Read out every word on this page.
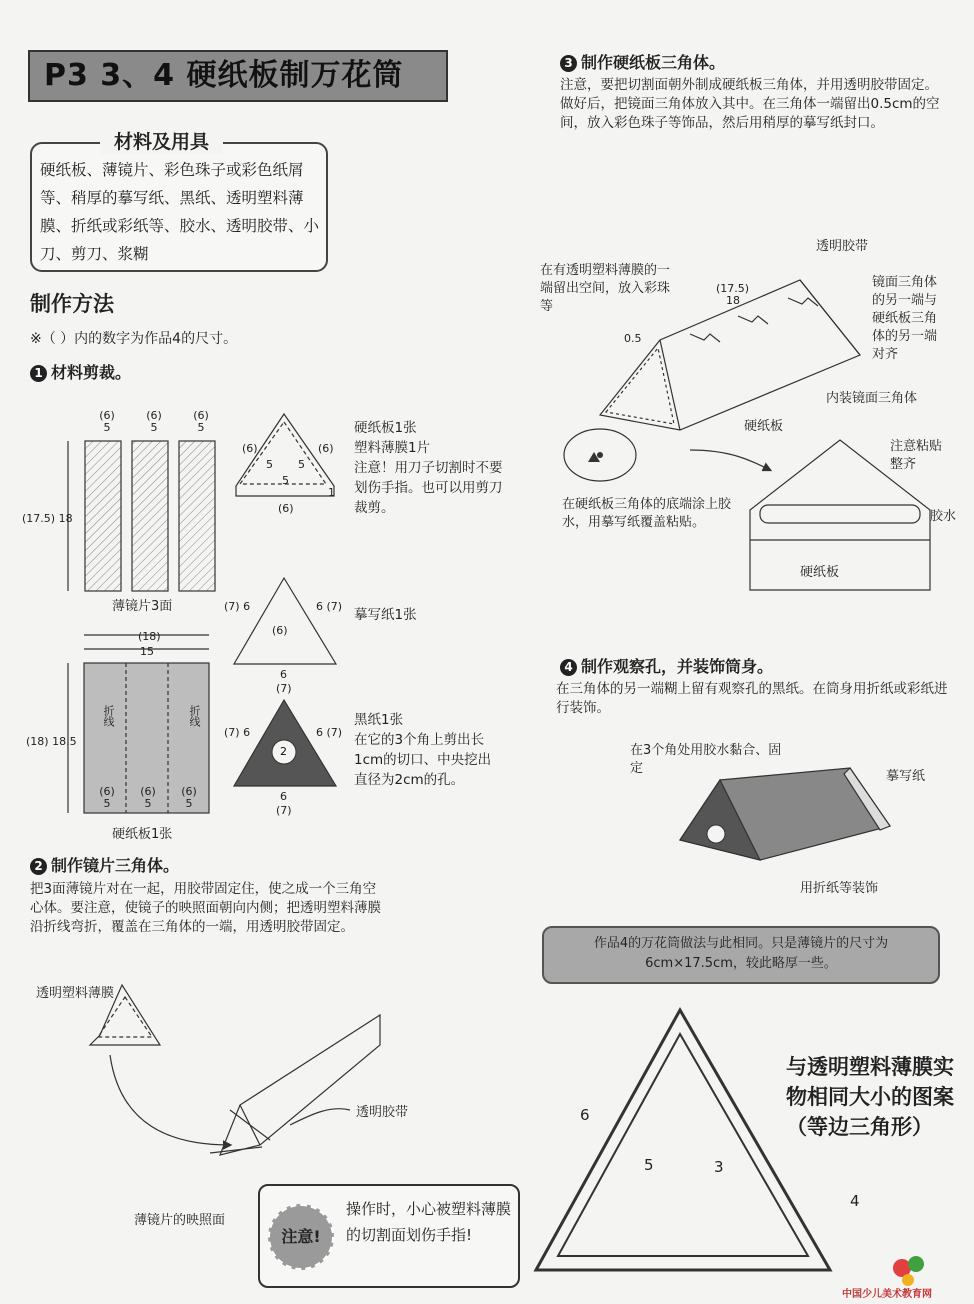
P3 3、4 硬纸板制万花筒
材料及用具
硬纸板、薄镜片、彩色珠子或彩色纸屑等、稍厚的摹写纸、黑纸、透明塑料薄膜、折纸或彩纸等、胶水、透明胶带、小刀、剪刀、浆糊
制作方法
※（ ）内的数字为作品4的尺寸。
1 材料剪裁。
(6)
5
(6)
5
(6)
5
(17.5) 18
薄镜片3面
(18)
15
(18) 18.5
折线	折线
(6)
5
(6)
5
(6)
5
硬纸板1张
(6)	(6)
5 5
5
1
(6)
(7) 6	6 (7)
(6)
6
(7)
(7) 6	6 (7)
2
6
(7)
硬纸板1张
塑料薄膜1片
注意！用刀子切割时不要划伤手指。也可以用剪刀裁剪。
摹写纸1张
黑纸1张
在它的3个角上剪出长1cm的切口、中央挖出直径为2cm的孔。
2 制作镜片三角体。
把3面薄镜片对在一起，用胶带固定住，使之成一个三角空心体。要注意，使镜子的映照面朝向内侧；把透明塑料薄膜沿折线弯折，覆盖在三角体的一端，用透明胶带固定。
透明塑料薄膜
透明胶带
薄镜片的映照面
注意!
操作时，小心被塑料薄膜的切割面划伤手指!
3 制作硬纸板三角体。
注意，要把切割面朝外制成硬纸板三角体，并用透明胶带固定。做好后，把镜面三角体放入其中。在三角体一端留出0.5cm的空间，放入彩色珠子等饰品，然后用稍厚的摹写纸封口。
在有透明塑料薄膜的一端留出空间，放入彩珠等
透明胶带
镜面三角体的另一端与硬纸板三角体的另一端对齐
内装镜面三角体
硬纸板
(17.5)
18
0.5
在硬纸板三角体的底端涂上胶水，用摹写纸覆盖粘贴。
注意粘贴整齐
胶水
硬纸板
4 制作观察孔，并装饰筒身。
在三角体的另一端糊上留有观察孔的黑纸。在筒身用折纸或彩纸进行装饰。
在3个角处用胶水黏合、固定
摹写纸
用折纸等装饰
作品4的万花筒做法与此相同。只是薄镜片的尺寸为6cm×17.5cm，较此略厚一些。
6
5	3
4
与透明塑料薄膜实物相同大小的图案（等边三角形）
中国少儿美术教育网
